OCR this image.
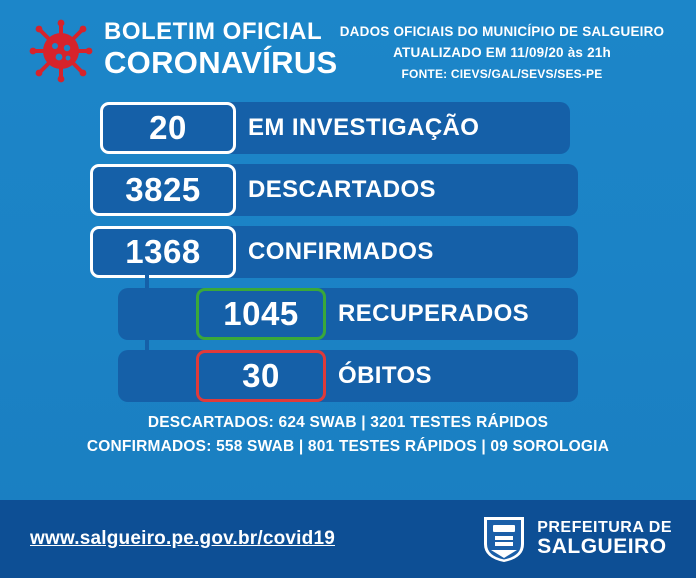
BOLETIM OFICIAL
CORONAVÍRUS
DADOS OFICIAIS DO MUNICÍPIO DE SALGUEIRO
ATUALIZADO EM 11/09/20 às 21h
FONTE: CIEVS/GAL/SEVS/SES-PE
20	EM INVESTIGAÇÃO
3825	DESCARTADOS
1368	CONFIRMADOS
1045	RECUPERADOS
30	ÓBITOS
DESCARTADOS: 624 SWAB | 3201 TESTES RÁPIDOS
CONFIRMADOS: 558 SWAB | 801 TESTES RÁPIDOS | 09 SOROLOGIA
www.salgueiro.pe.gov.br/covid19
PREFEITURA DE
SALGUEIRO
